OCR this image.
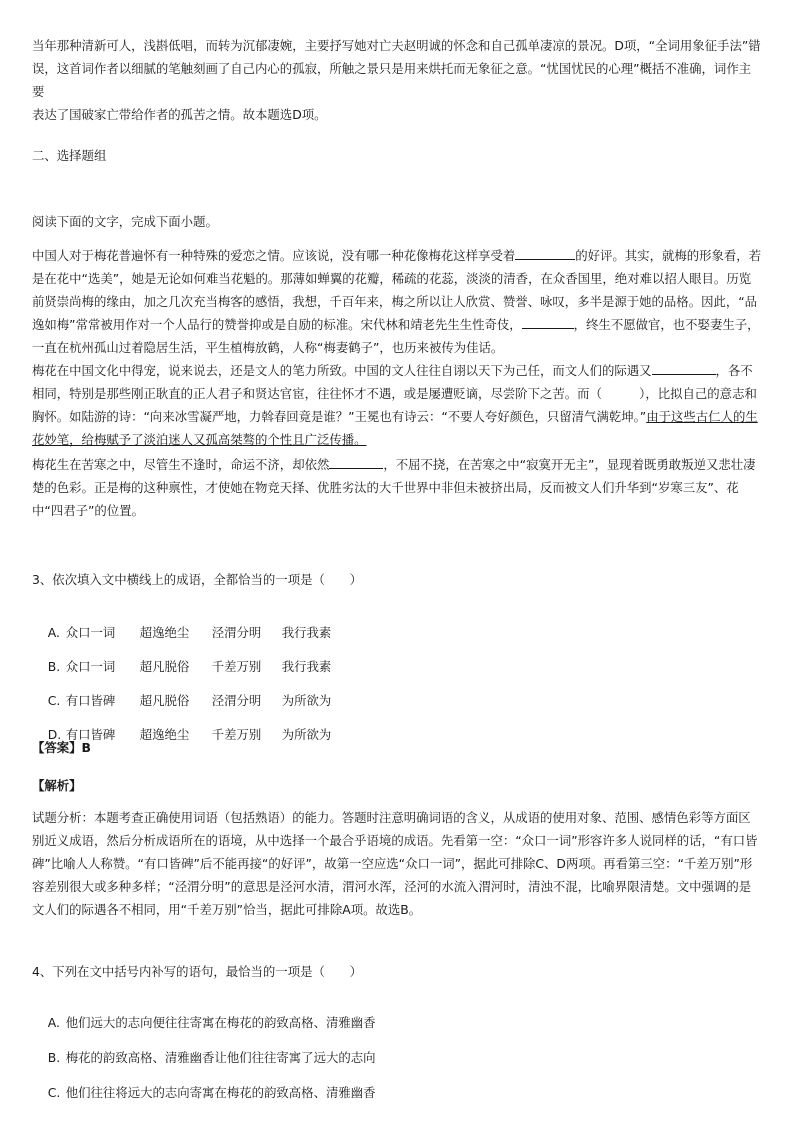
当年那种清新可人，浅斟低唱，而转为沉郁凄婉，主要抒写她对亡夫赵明诚的怀念和自己孤单凄凉的景况。D项，“全词用象征手法”错
误，这首词作者以细腻的笔触刻画了自己内心的孤寂，所触之景只是用来烘托而无象征之意。“忧国忧民的心理”概括不准确，词作主要
表达了国破家亡带给作者的孤苦之情。故本题选D项。

二、选择题组

阅读下面的文字，完成下面小题。

中国人对于梅花普遍怀有一种特殊的爱恋之情。应该说，没有哪一种花像梅花这样享受着	的好评。其实，就梅的形象看，若是在花中“选美”，她是无论如何难当花魁的。那薄如蝉翼的花瓣，稀疏的花蕊，淡淡的清香，在众香国里，绝对难以招人眼目。历览前贤崇尚梅的缘由，加之几次充当梅客的感悟，我想，千百年来，梅之所以让人欣赏、赞誉、咏叹，多半是源于她的品格。因此，“品逸如梅”常常被用作对一个人品行的赞誉抑或是自励的标准。宋代林和靖老先生生性奇伎，	，终生不愿做官，也不娶妻生子，一直在杭州孤山过着隐居生活，平生植梅放鹤，人称“梅妻鹤子”，也历来被传为佳话。

梅花在中国文化中得宠，说来说去，还是文人的笔力所致。中国的文人往往自诩以天下为己任，而文人们的际遇又	，各不相同，特别是那些刚正耿直的正人君子和贤达官宦，往往怀才不遇，或是屡遭贬谪，尽尝阶下之苦。而（　　　），比拟自己的意志和胸怀。如陆游的诗：“向来冰雪凝严地，力斡春回竟是谁？”王冕也有诗云：“不要人夸好颜色，只留清气满乾坤。”由于这些古仁人的生花妙笔，给梅赋予了淡泊迷人又孤高桀骜的个性且广泛传播。

梅花生在苦寒之中，尽管生不逢时，命运不济，却依然	，不屈不挠，在苦寒之中“寂寞开无主”，显现着既勇敢叛逆又悲壮凄楚的色彩。正是梅的这种禀性，才使她在物竞天择、优胜劣汰的大千世界中非但未被挤出局，反而被文人们升华到“岁寒三友”、花中“四君子”的位置。

3、依次填入文中横线上的成语，全都恰当的一项是（　　）

A. 众口一词 超逸绝尘 泾渭分明 我行我素

B. 众口一词 超凡脱俗 千差万别 我行我素

C. 有口皆碑 超凡脱俗 泾渭分明 为所欲为

D. 有口皆碑 超逸绝尘 千差万别 为所欲为

【答案】B

【解析】

试题分析：本题考查正确使用词语（包括熟语）的能力。答题时注意明确词语的含义，从成语的使用对象、范围、感情色彩等方面区别近义成语，然后分析成语所在的语境，从中选择一个最合乎语境的成语。先看第一空：“众口一词”形容许多人说同样的话，“有口皆碑”比喻人人称赞。“有口皆碑”后不能再接“的好评”，故第一空应选“众口一词”，据此可排除C、D两项。再看第三空：“千差万别”形容差别很大或多种多样；“泾渭分明”的意思是泾河水清，渭河水浑，泾河的水流入渭河时，清浊不混，比喻界限清楚。文中强调的是文人们的际遇各不相同，用“千差万别”恰当，据此可排除A项。故选B。

4、下列在文中括号内补写的语句，最恰当的一项是（　　）

A. 他们远大的志向便往往寄寓在梅花的韵致高格、清雅幽香

B. 梅花的韵致高格、清雅幽香让他们往往寄寓了远大的志向

C. 他们往往将远大的志向寄寓在梅花的韵致高格、清雅幽香
